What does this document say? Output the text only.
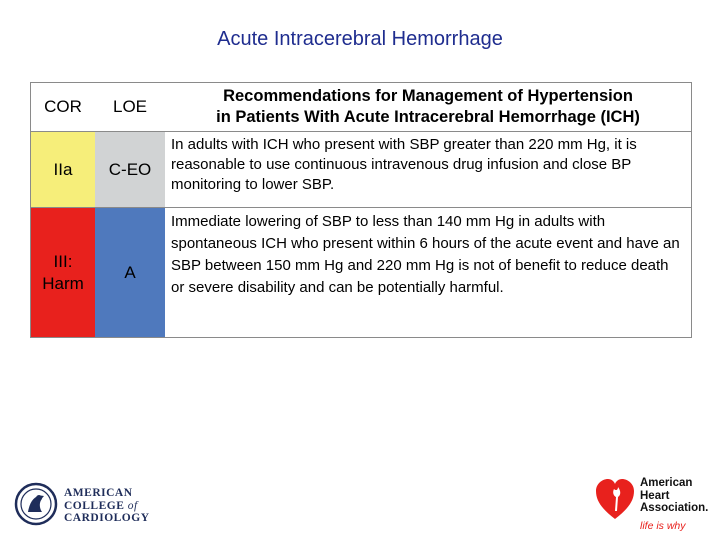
Acute Intracerebral Hemorrhage
COR	LOE
Recommendations for Management of Hypertension
in Patients With Acute Intracerebral Hemorrhage (ICH)
IIa	C-EO
In adults with ICH who present with SBP greater than 220 mm Hg, it is reasonable to use continuous intravenous drug infusion and close BP monitoring to lower SBP.
III: Harm
A
Immediate lowering of SBP to less than 140 mm Hg in adults with spontaneous ICH who present within 6 hours of the acute event and have an SBP between 150 mm Hg and 220 mm Hg is not of benefit to reduce death or severe disability and can be potentially harmful.
AMERICAN
COLLEGE of
CARDIOLOGY
American
Heart
Association.
life is why
